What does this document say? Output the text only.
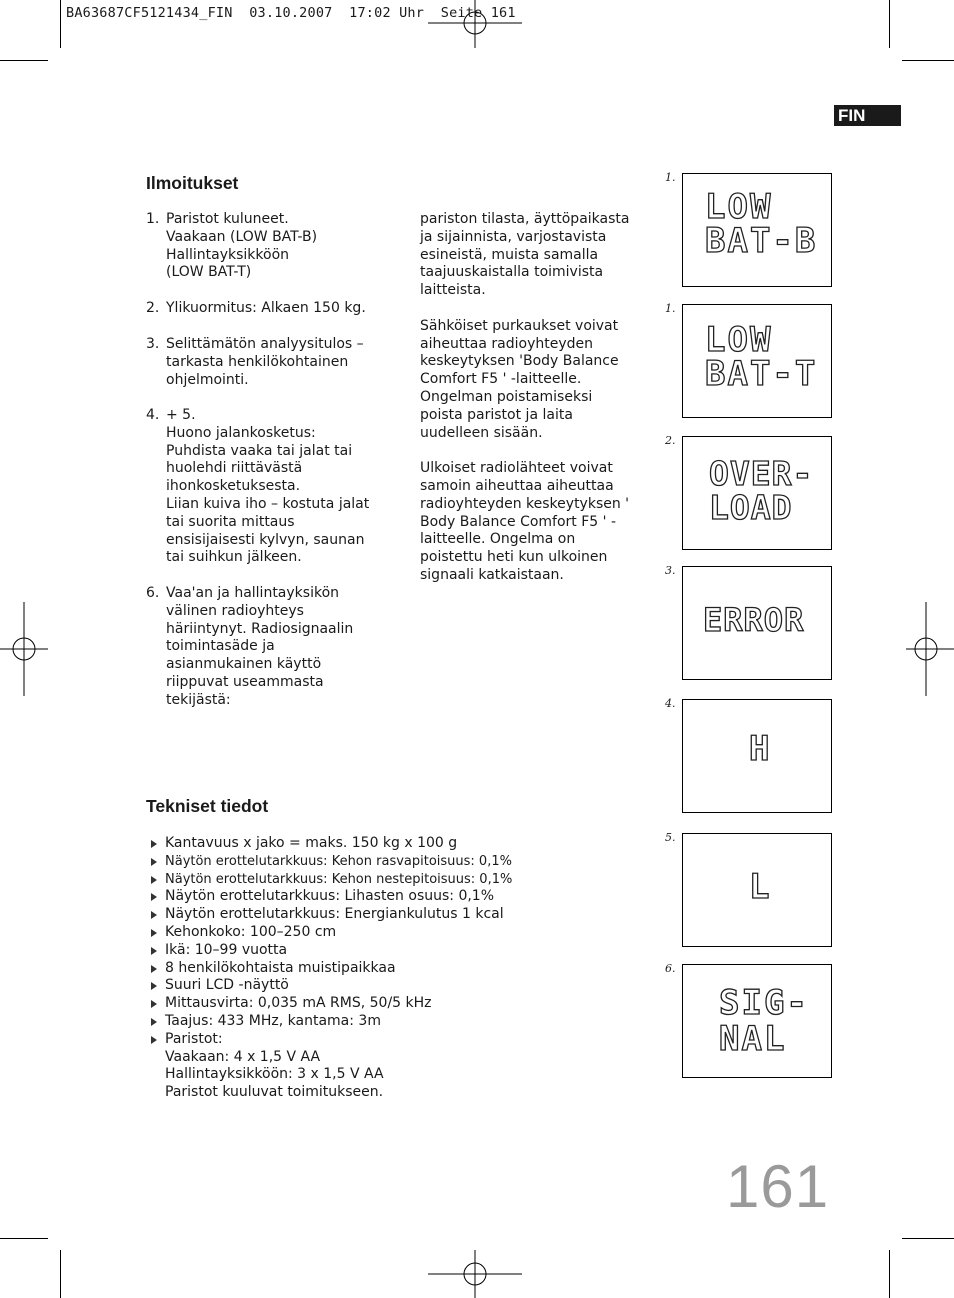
BA63687CF5121434_FIN  03.10.2007  17:02 Uhr  Seite 161
FIN
Ilmoitukset
1. Paristot kuluneet.
Vaakaan (LOW BAT-B)
Hallintayksikköön
(LOW BAT-T)
2. Ylikuormitus: Alkaen 150 kg.
3. Selittämätön analyysitulos –
tarkasta henkilökohtainen
ohjelmointi.
4. + 5.
Huono jalankosketus:
Puhdista vaaka tai jalat tai
huolehdi riittävästä
ihonkosketuksesta.
Liian kuiva iho – kostuta jalat
tai suorita mittaus
ensisijaisesti kylvyn, saunan
tai suihkun jälkeen.
6. Vaa'an ja hallintayksikön
välinen radioyhteys
häriintynyt. Radiosignaalin
toimintasäde ja
asianmukainen käyttö
riippuvat useammasta
tekijästä:
pariston tilasta, äyttöpaikasta
ja sijainnista, varjostavista
esineistä, muista samalla
taajuuskaistalla toimivista
laitteista.

Sähköiset purkaukset voivat
aiheuttaa radioyhteyden
keskeytyksen 'Body Balance
Comfort F5 ' -laitteelle.
Ongelman poistamiseksi
poista paristot ja laita
uudelleen sisään.

Ulkoiset radiolähteet voivat
samoin aiheuttaa aiheuttaa
radioyhteyden keskeytyksen '
Body Balance Comfort F5 ' -
laitteelle. Ongelma on
poistettu heti kun ulkoinen
signaali katkaistaan.
Tekniset tiedot
Kantavuus x jako = maks. 150 kg x 100 g
Näytön erottelutarkkuus: Kehon rasvapitoisuus: 0,1%
Näytön erottelutarkkuus: Kehon nestepitoisuus: 0,1%
Näytön erottelutarkkuus: Lihasten osuus: 0,1%
Näytön erottelutarkkuus: Energiankulutus 1 kcal
Kehonkoko: 100–250 cm
Ikä: 10–99 vuotta
8 henkilökohtaista muistipaikkaa
Suuri LCD -näyttö
Mittausvirta: 0,035 mA RMS, 50/5 kHz
Taajus: 433 MHz, kantama: 3m
Paristot:
Vaakaan: 4 x 1,5 V AA
Hallintayksikköön: 3 x 1,5 V AA
Paristot kuuluvat toimitukseen.
1.
LOW
BAT-B
1.
LOW
BAT-T
2.
OVER-
LOAD
3.
ERROR
4.
H
5.
L
6.
SIG-
NAL
161
